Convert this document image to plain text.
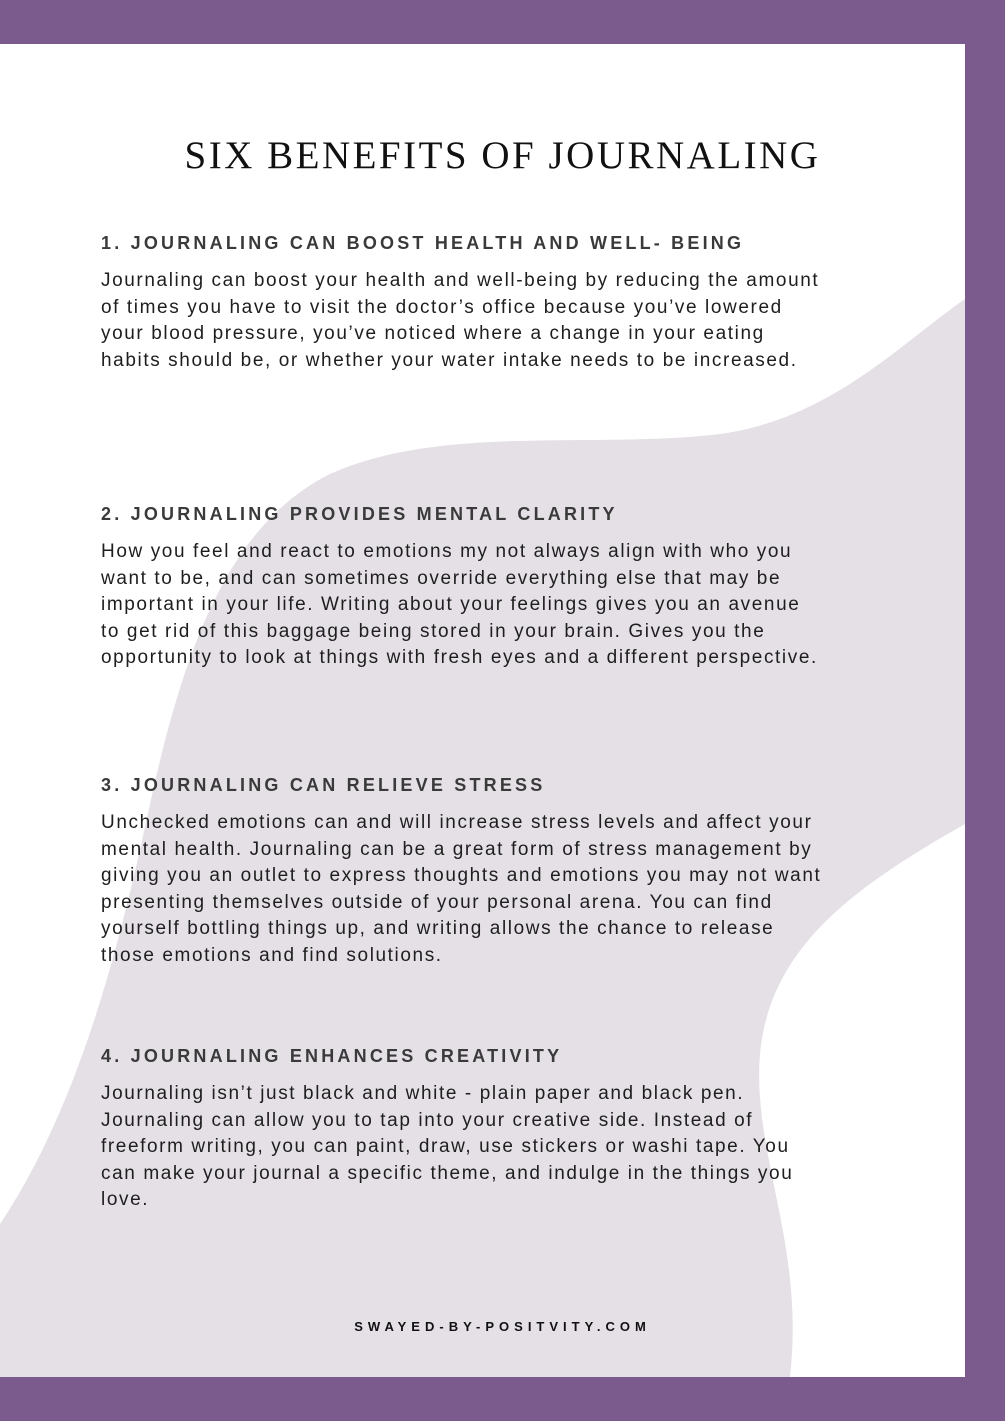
SIX BENEFITS OF JOURNALING
1. JOURNALING CAN BOOST HEALTH AND WELL- BEING

Journaling can boost your health and well-being by reducing the amount

of times you have to visit the doctor’s office because you’ve lowered

your blood pressure, you’ve noticed where a change in your eating

habits should be, or whether your water intake needs to be increased.

2. JOURNALING PROVIDES MENTAL CLARITY

How you feel and react to emotions my not always align with who you

want to be, and can sometimes override everything else that may be

important in your life. Writing about your feelings gives you an avenue

to get rid of this baggage being stored in your brain. Gives you the

opportunity to look at things with fresh eyes and a different perspective.

3. JOURNALING CAN RELIEVE STRESS

Unchecked emotions can and will increase stress levels and affect your

mental health. Journaling can be a great form of stress management by

giving you an outlet to express thoughts and emotions you may not want

presenting themselves outside of your personal arena. You can find

yourself bottling things up, and writing allows the chance to release

those emotions and find solutions.

4. JOURNALING ENHANCES CREATIVITY

Journaling isn’t just black and white - plain paper and black pen.

Journaling can allow you to tap into your creative side. Instead of

freeform writing, you can paint, draw, use stickers or washi tape. You

can make your journal a specific theme, and indulge in the things you

love.

SWAYED-BY-POSITVITY.COM
